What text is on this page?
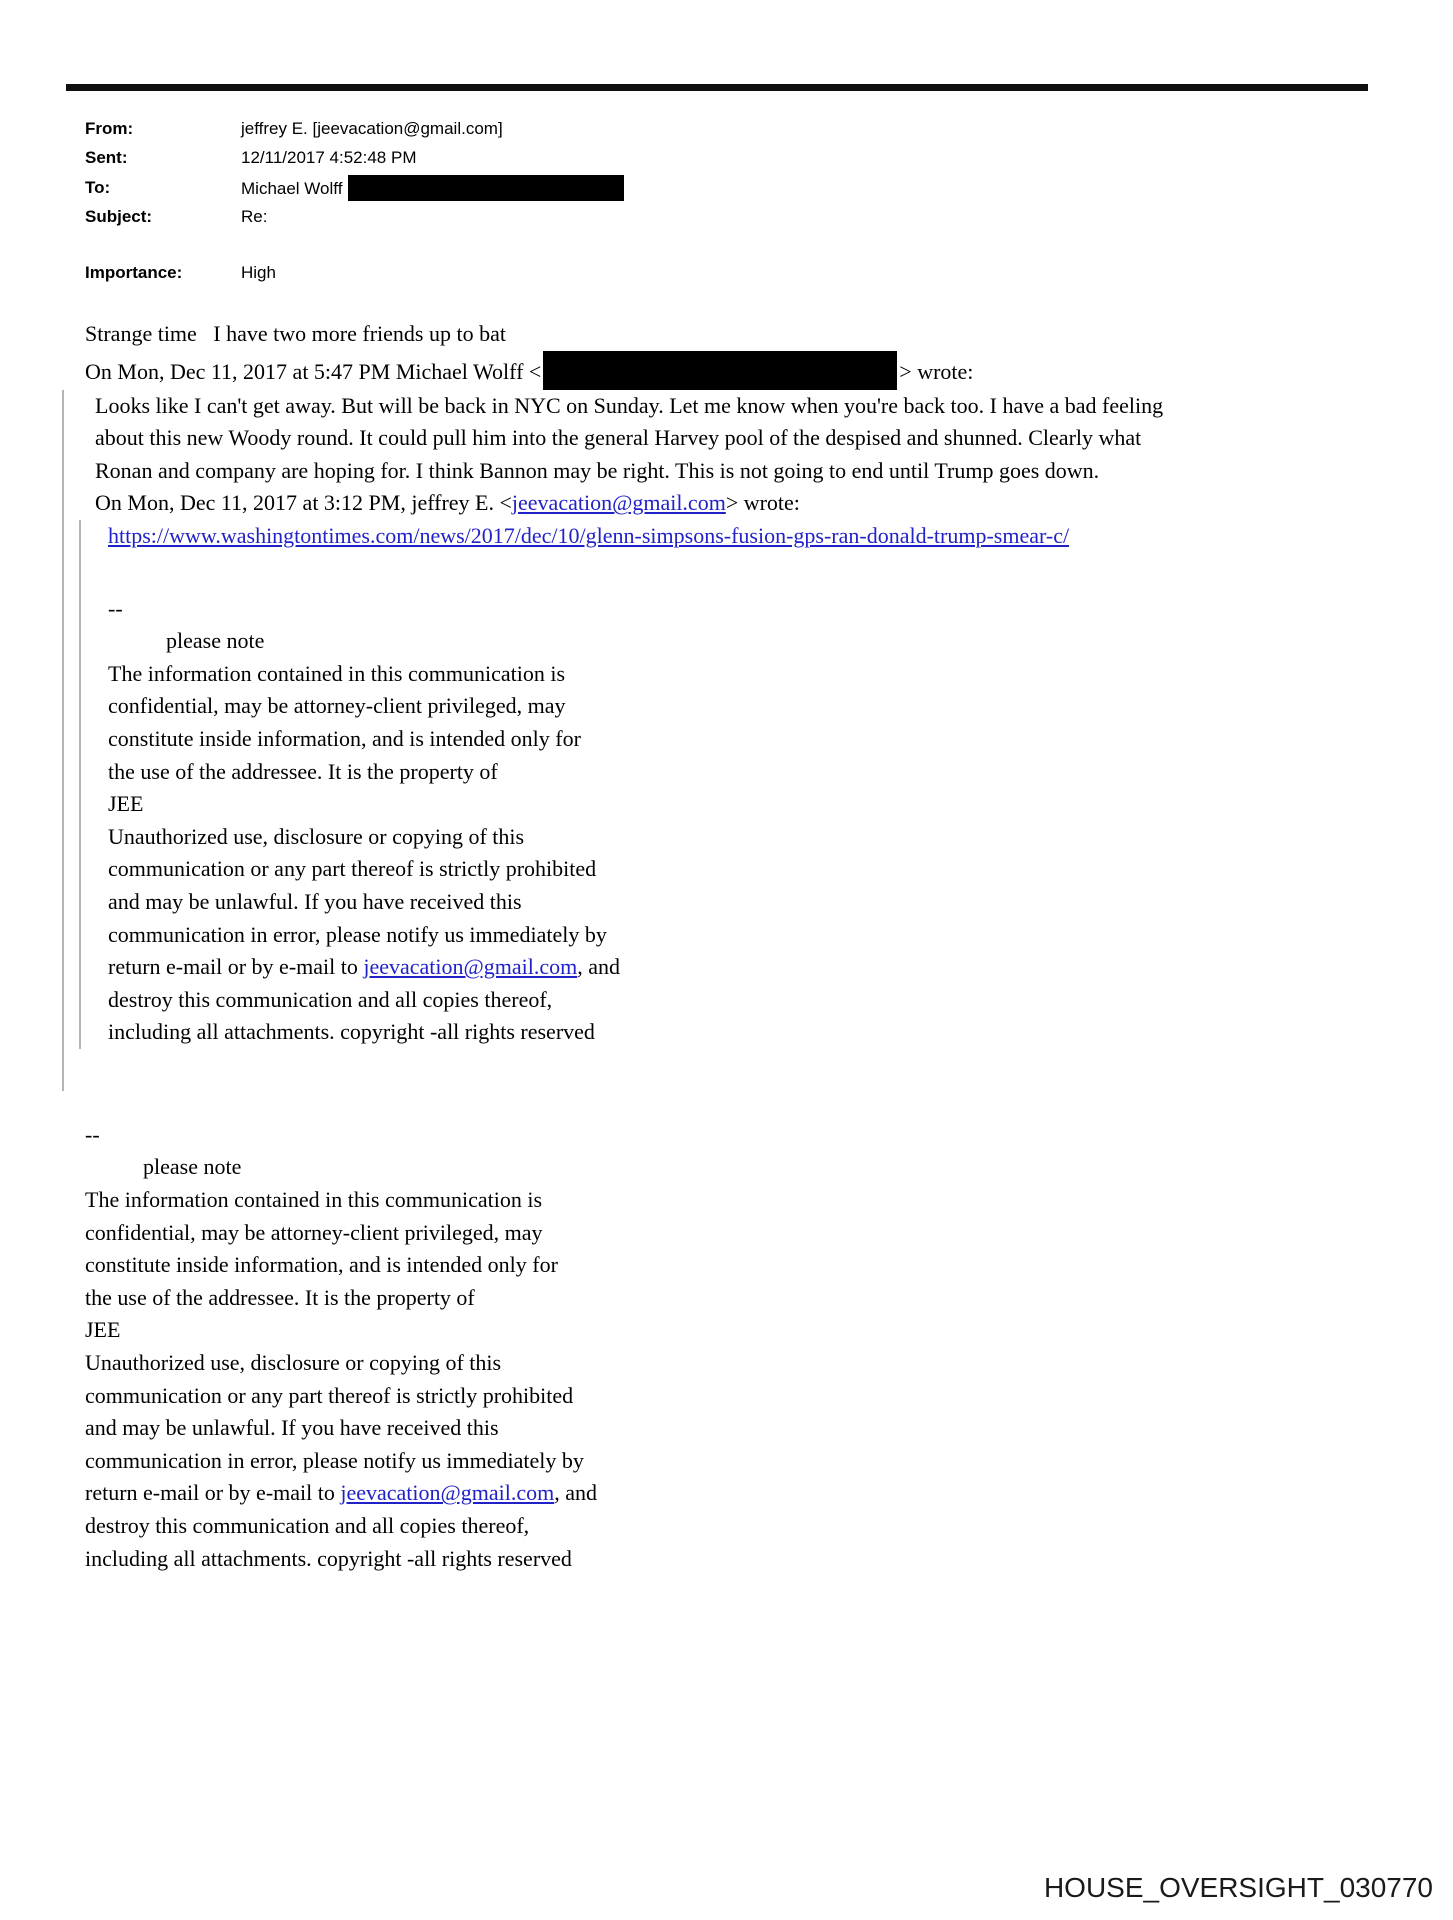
From:	jeffrey E. [jeevacation@gmail.com]
Sent:	12/11/2017 4:52:48 PM
To:	Michael Wolff
Subject:	Re:
Importance:	High

Strange time   I have two more friends up to bat

On Mon, Dec 11, 2017 at 5:47 PM Michael Wolff <	> wrote:

Looks like I can't get away. But will be back in NYC on Sunday. Let me know when you're back too. I have a bad feeling about this new Woody round. It could pull him into the general Harvey pool of the despised and shunned. Clearly what Ronan and company are hoping for. I think Bannon may be right. This is not going to end until Trump goes down.

On Mon, Dec 11, 2017 at 3:12 PM, jeffrey E. <jeevacation@gmail.com> wrote:

https://www.washingtontimes.com/news/2017/dec/10/glenn-simpsons-fusion-gps-ran-donald-trump-smear-c/

--

please note

The information contained in this communication is

confidential, may be attorney-client privileged, may

constitute inside information, and is intended only for

the use of the addressee. It is the property of

JEE

Unauthorized use, disclosure or copying of this

communication or any part thereof is strictly prohibited

and may be unlawful. If you have received this

communication in error, please notify us immediately by

return e-mail or by e-mail to jeevacation@gmail.com, and

destroy this communication and all copies thereof,

including all attachments. copyright -all rights reserved

--

please note

The information contained in this communication is

confidential, may be attorney-client privileged, may

constitute inside information, and is intended only for

the use of the addressee. It is the property of

JEE

Unauthorized use, disclosure or copying of this

communication or any part thereof is strictly prohibited

and may be unlawful. If you have received this

communication in error, please notify us immediately by

return e-mail or by e-mail to jeevacation@gmail.com, and

destroy this communication and all copies thereof,

including all attachments. copyright -all rights reserved

HOUSE_OVERSIGHT_030770
